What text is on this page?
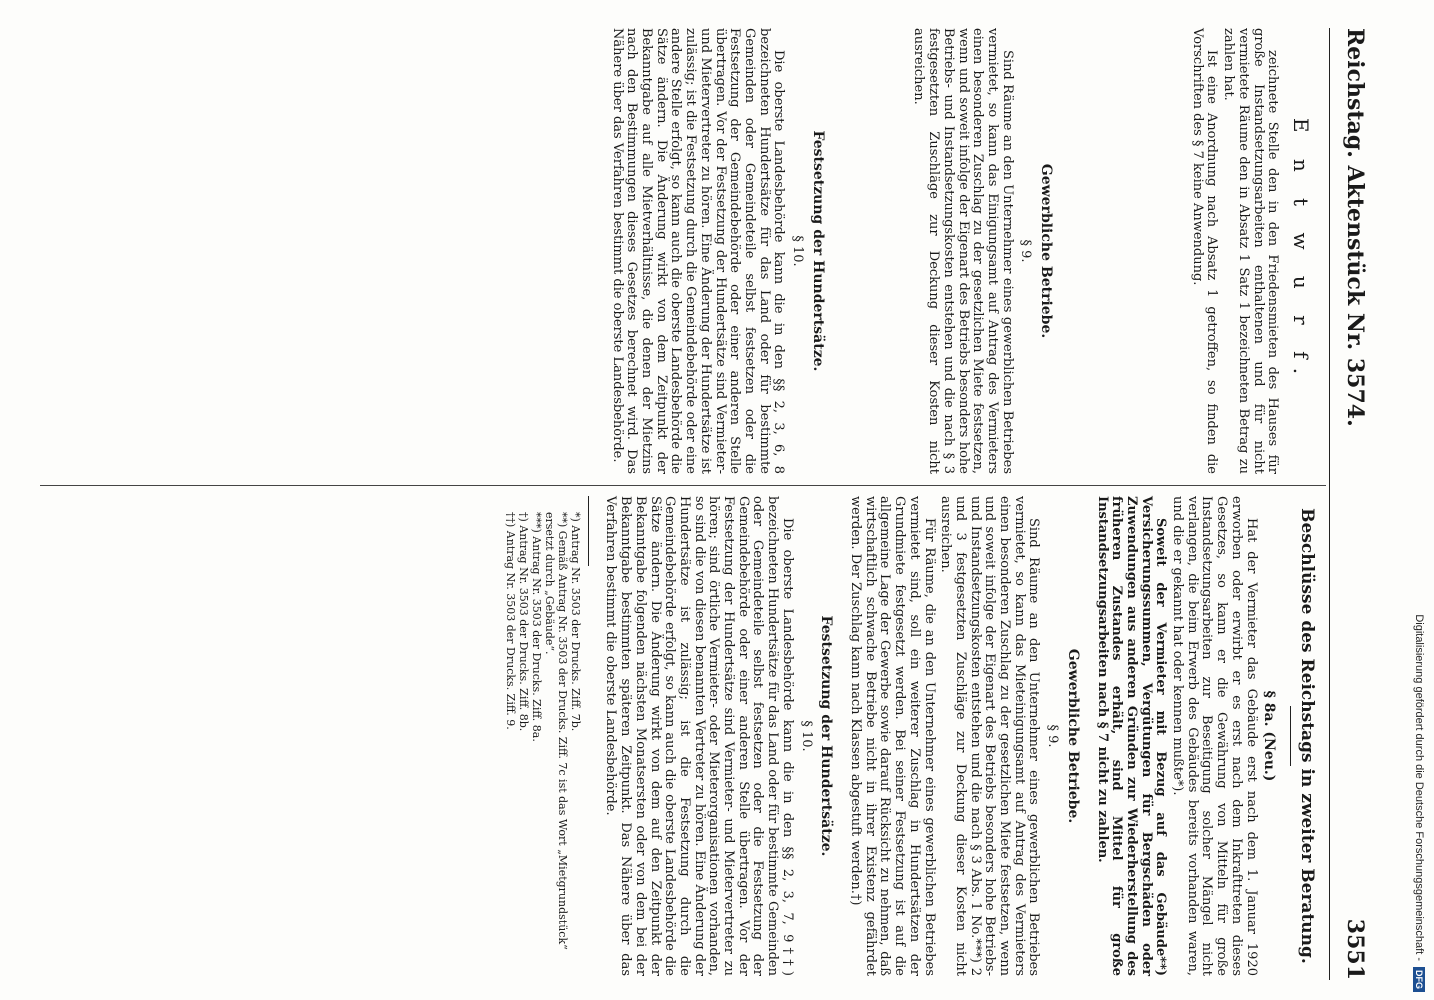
Reichstag. Aktenstück Nr. 3574.
3551
E n t w u r f.

zeichnete Stelle den in den Friedensmieten des Hauses für große Instandsetzungsarbeiten enthaltenen und für nicht vermietete Räume den in Absatz 1 Satz 1 bezeichneten Betrag zu zahlen hat.

Ist eine Anordnung nach Absatz 1 getroffen, so finden die Vorschriften des § 7 keine Anwendung.

Gewerbliche Betriebe.
§ 9.

Sind Räume an den Unternehmer eines gewerblichen Betriebes vermietet, so kann das Einigungsamt auf Antrag des Vermieters einen besonderen Zuschlag zu der gesetzlichen Miete festsetzen, wenn und soweit infolge der Eigenart des Betriebs besonders hohe Betriebs- und Instandsetzungskosten entstehen und die nach § 3 festgesetzten Zuschläge zur Deckung dieser Kosten nicht ausreichen.

Festsetzung der Hundertsätze.
§ 10.

Die oberste Landesbehörde kann die in den §§ 2, 3, 6, 8 bezeichneten Hundertsätze für das Land oder für bestimmte Gemeinden oder Gemeindeteile selbst festsetzen oder die Festsetzung der Gemeindebehörde oder einer anderen Stelle übertragen. Vor der Festsetzung der Hundertsätze sind Vermieter- und Mietervertreter zu hören. Eine Änderung der Hundertsätze ist zulässig; ist die Festsetzung durch die Gemeindebehörde oder eine andere Stelle erfolgt, so kann auch die oberste Landesbehörde die Sätze ändern. Die Änderung wirkt von dem Zeitpunkt der Bekanntgabe auf alle Mietverhältnisse, die denen der Mietzins nach den Bestimmungen dieses Gesetzes berechnet wird. Das Nähere über das Verfahren bestimmt die oberste Landesbehörde.

Beschlüsse des Reichstags in zweiter Beratung.
§ 8a. (Neu.)

Hat der Vermieter das Gebäude erst nach dem 1. Januar 1920 erworben oder erwirbt er es erst nach dem Inkrafttreten dieses Gesetzes, so kann er die Gewährung von Mitteln für große Instandsetzungsarbeiten zur Beseitigung solcher Mängel nicht verlangen, die beim Erwerb des Gebäudes bereits vorhanden waren, und die er gekannt hat oder kennen mußte*).

Soweit der Vermieter mit Bezug auf das Gebäude**) Versicherungssummen, Vergütungen für Bergschäden oder Zuwendungen aus anderen Gründen zur Wiederherstellung des früheren Zustandes erhält, sind Mittel für große Instandsetzungsarbeiten nach § 7 nicht zu zahlen.

Gewerbliche Betriebe.
§ 9.

Sind Räume an den Unternehmer eines gewerblichen Betriebes vermietet, so kann das Mieteinigungsamt auf Antrag des Vermieters einen besonderen Zuschlag zu der gesetzlichen Miete festsetzen, wenn und soweit infolge der Eigenart des Betriebs besonders hohe Betriebs- und Instandsetzungskosten entstehen und die nach § 3 Abs. 1 No.***) 2 und 3 festgesetzten Zuschläge zur Deckung dieser Kosten nicht ausreichen.

Für Räume, die an den Unternehmer eines gewerblichen Betriebes vermietet sind, soll ein weiterer Zuschlag in Hundertsätzen der Grundmiete festgesetzt werden. Bei seiner Festsetzung ist auf die allgemeine Lage der Gewerbe sowie darauf Rücksicht zu nehmen, daß wirtschaftlich schwache Betriebe nicht in ihrer Existenz gefährdet werden. Der Zuschlag kann nach Klassen abgestuft werden.†)

Festsetzung der Hundertsätze.
§ 10.

Die oberste Landesbehörde kann die in den §§ 2, 3, 7, 9††) bezeichneten Hundertsätze für das Land oder für bestimmte Gemeinden oder Gemeindeteile selbst festsetzen oder die Festsetzung der Gemeindebehörde oder einer anderen Stelle übertragen. Vor der Festsetzung der Hundertsätze sind Vermieter- und Mietervertreter zu hören; sind örtliche Vermieter- oder Mieterorganisationen vorhanden, so sind die von diesen benannten Vertreter zu hören. Eine Änderung der Hundertsätze ist zulässig; ist die Festsetzung durch die Gemeindebehörde erfolgt, so kann auch die oberste Landesbehörde die Sätze ändern. Die Änderung wirkt von dem auf den Zeitpunkt der Bekanntgabe folgenden nächsten Monatsersten oder von dem bei der Bekanntgabe bestimmten späteren Zeitpunkt. Das Nähere über das Verfahren bestimmt die oberste Landesbehörde.

*) Antrag Nr. 3503 der Drucks. Ziff. 7b.

**) Gemäß Antrag Nr. 3503 der Drucks. Ziff. 7c ist das Wort „Mietgrundstück“ ersetzt durch „Gebäude“.

***) Antrag Nr. 3503 der Drucks. Ziff. 8a.

†) Antrag Nr. 3503 der Drucks. Ziff. 8b.

††) Antrag Nr. 3503 der Drucks. Ziff. 9.	Digitalisierung gefördert durch die Deutsche Forschungsgemeinschaft -
DFG
